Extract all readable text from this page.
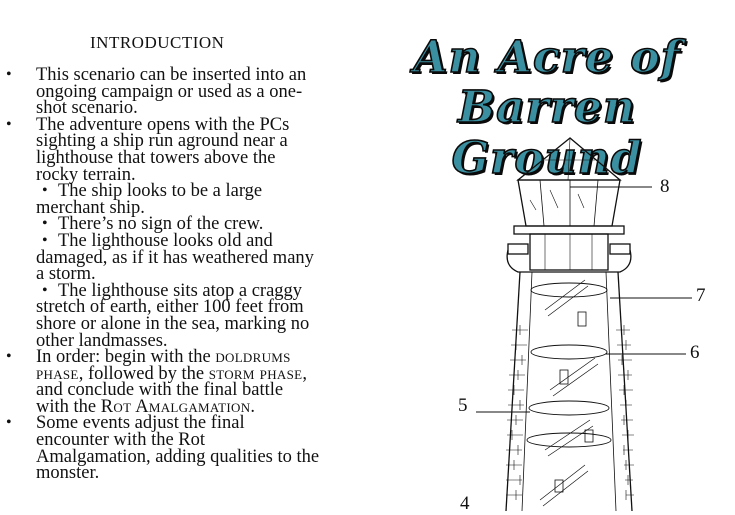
INTRODUCTION

• This scenario can be inserted into an ongoing campaign or used as a one-shot scenario.

• The adventure opens with the PCs sighting a ship run aground near a lighthouse that towers above the rocky terrain.

• The ship looks to be a large merchant ship.

• There’s no sign of the crew.

• The lighthouse looks old and damaged, as if it has weathered many a storm.

• The lighthouse sits atop a craggy stretch of earth, either 100 feet from shore or alone in the sea, marking no other landmasses.

• In order: begin with the doldrums phase, followed by the storm phase, and conclude with the final battle with the Rot Amalgamation.

• Some events adjust the final encounter with the Rot Amalgamation, adding qualities to the monster.

An Acre of
Barren Ground
8
7
6
5
4
